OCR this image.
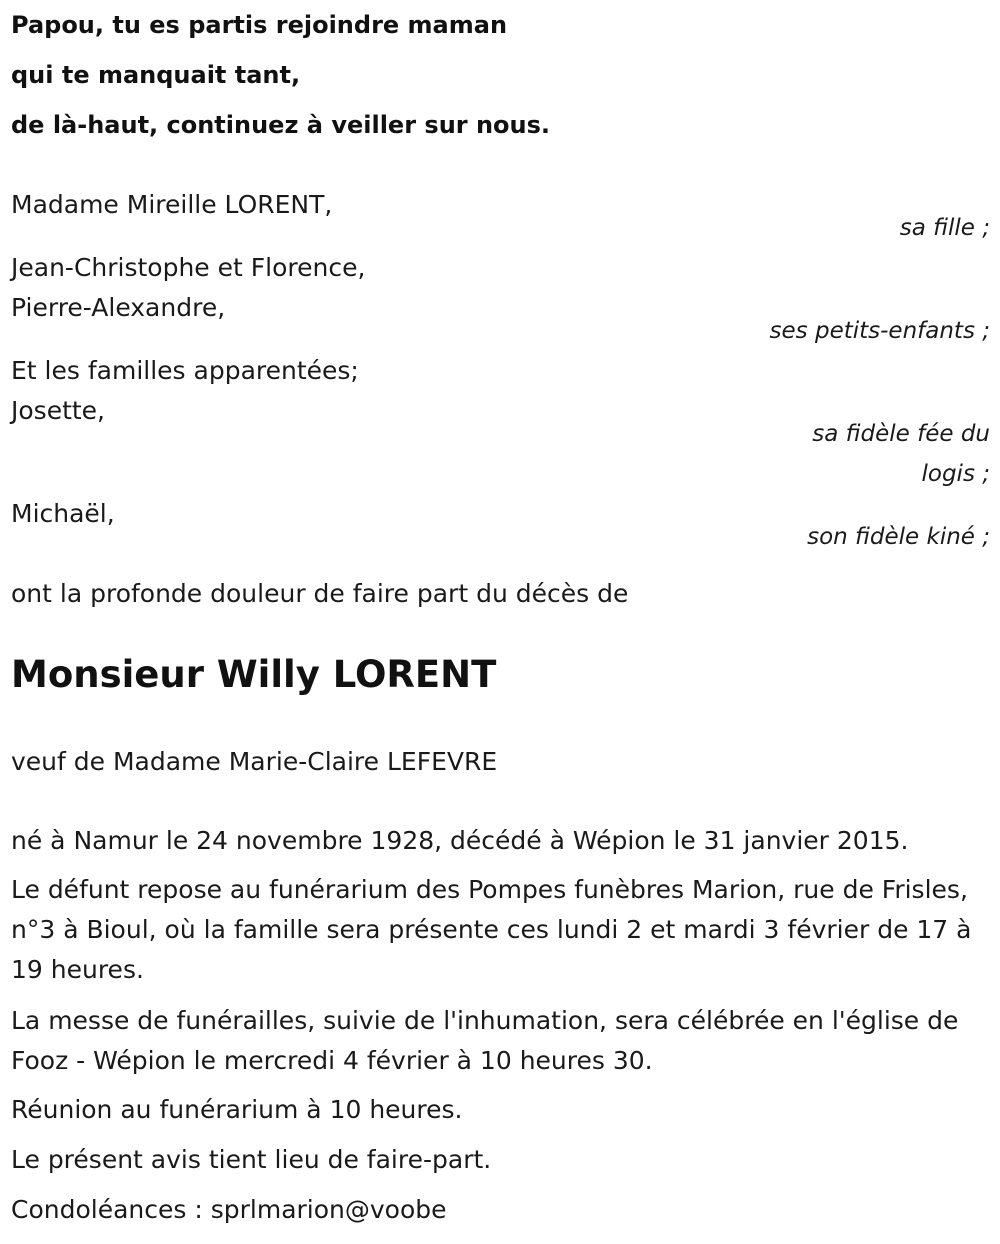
Papou, tu es partis rejoindre maman
qui te manquait tant,
de là-haut, continuez à veiller sur nous.
Madame Mireille LORENT,
sa fille ;
Jean-Christophe et Florence,
Pierre-Alexandre,
ses petits-enfants ;
Et les familles apparentées;
Josette,
sa fidèle fée du
logis ;
Michaël,
son fidèle kiné ;
ont la profonde douleur de faire part du décès de
Monsieur Willy LORENT
veuf de Madame Marie-Claire LEFEVRE
né à Namur le 24 novembre 1928, décédé à Wépion le 31 janvier 2015.
Le défunt repose au funérarium des Pompes funèbres Marion, rue de Frisles, n°3 à Bioul, où la famille sera présente ces lundi 2 et mardi 3 février de 17 à 19 heures.
La messe de funérailles, suivie de l'inhumation, sera célébrée en l'église de Fooz - Wépion le mercredi 4 février à 10 heures 30.
Réunion au funérarium à 10 heures.
Le présent avis tient lieu de faire-part.
Condoléances : sprlmarion@voobe
